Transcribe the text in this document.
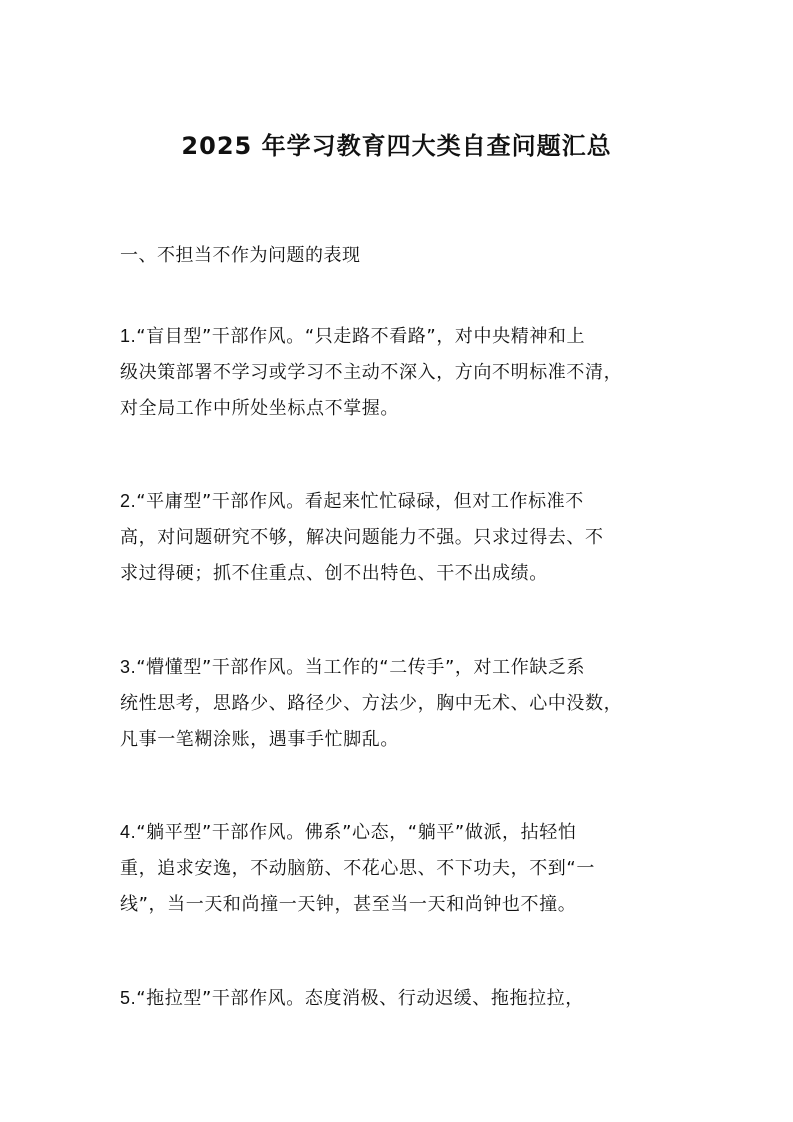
2025 年学习教育四大类自查问题汇总

一、不担当不作为问题的表现

1.“盲目型”干部作风。“只走路不看路”，对中央精神和上
级决策部署不学习或学习不主动不深入，方向不明标准不清，
对全局工作中所处坐标点不掌握。

2.“平庸型”干部作风。看起来忙忙碌碌，但对工作标准不
高，对问题研究不够，解决问题能力不强。只求过得去、不
求过得硬；抓不住重点、创不出特色、干不出成绩。

3.“懵懂型”干部作风。当工作的“二传手”，对工作缺乏系
统性思考，思路少、路径少、方法少，胸中无术、心中没数，
凡事一笔糊涂账，遇事手忙脚乱。

4.“躺平型”干部作风。佛系”心态，“躺平”做派，拈轻怕
重，追求安逸，不动脑筋、不花心思、不下功夫，不到“一
线”，当一天和尚撞一天钟，甚至当一天和尚钟也不撞。

5.“拖拉型”干部作风。态度消极、行动迟缓、拖拖拉拉，
